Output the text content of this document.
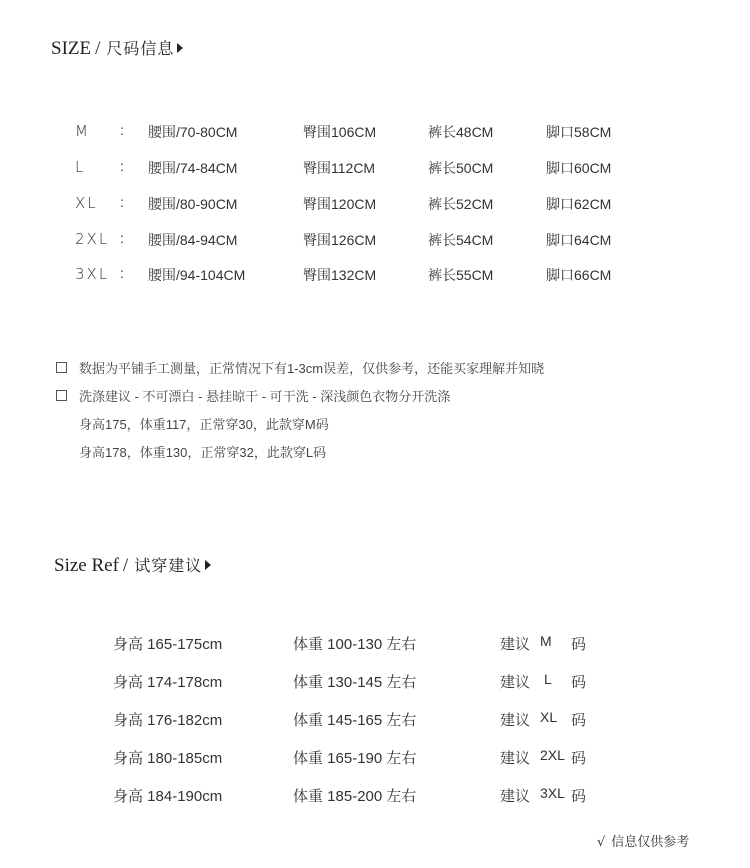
SIZE / 尺码信息
M : 腰围/70-80CM	臀围106CM	裤长48CM	脚口58CM
L : 腰围/74-84CM	臀围112CM	裤长50CM	脚口60CM
XL : 腰围/80-90CM	臀围120CM	裤长52CM	脚口62CM
2XL : 腰围/84-94CM	臀围126CM	裤长54CM	脚口64CM
3XL : 腰围/94-104CM	臀围132CM	裤长55CM	脚口66CM
数据为平铺手工测量，正常情况下有1-3cm误差，仅供参考，还能买家理解并知晓
洗涤建议 - 不可漂白 - 悬挂晾干 - 可干洗 - 深浅颜色衣物分开洗涤
身高175，体重117，正常穿30，此款穿M码
身高178，体重130，正常穿32，此款穿L码
Size Ref / 试穿建议
身高 165-175cm	体重 100-130 左右	建议 M 码
身高 174-178cm	体重 130-145 左右	建议 L 码
身高 176-182cm	体重 145-165 左右	建议 XL 码
身高 180-185cm	体重 165-190 左右	建议 2XL 码
身高 184-190cm	体重 185-200 左右	建议 3XL 码
√ 信息仅供参考
